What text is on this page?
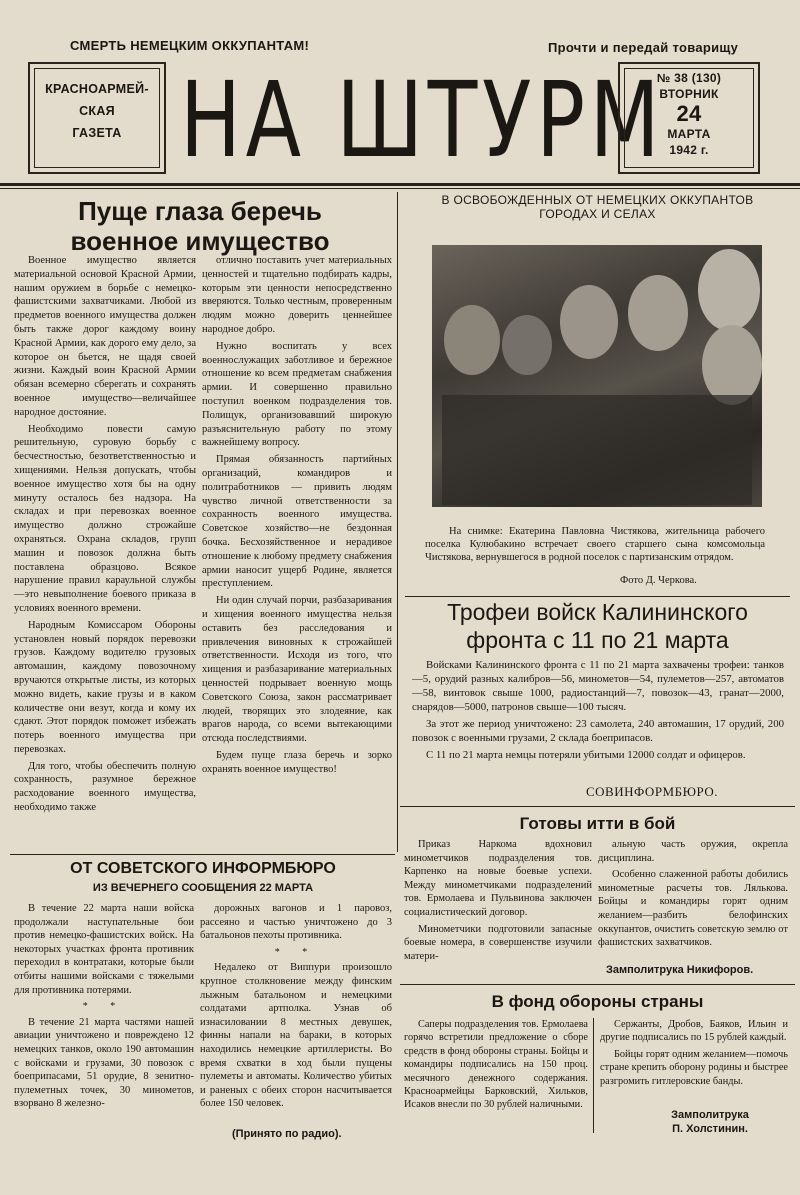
СМЕРТЬ НЕМЕЦКИМ ОККУПАНТАМ!	Прочти и передай товарищу
КРАСНОАРМЕЙ-
СКАЯ
ГАЗЕТА НА ШТУРМ
№ 38 (130)
ВТОРНИК
24
МАРТА
1942 г.
Пуще глаза беречь
военное имущество

Военное имущество является материальной основой Красной Армии, нашим оружием в борьбе с немецко-фашистскими захватчиками. Любой из предметов военного имущества должен быть также дорог каждому воину Красной Армии, как дорого ему дело, за которое он бьется, не щадя своей жизни. Каждый воин Красной Армии обязан всемерно сберегать и сохранять военное имущество—величайшее народное достояние.

Необходимо повести самую решительную, суровую борьбу с бесчестностью, безответственностью и хищениями. Нельзя допускать, чтобы военное имущество хотя бы на одну минуту осталось без надзора. На складах и при перевозках военное имущество должно строжайше охраняться. Охрана складов, групп машин и повозок должна быть поставлена образцово. Всякое нарушение правил караульной службы—это невыполнение боевого приказа в условиях военного времени.

Народным Комиссаром Обороны установлен новый порядок перевозки грузов. Каждому водителю грузовых автомашин, каждому повозочному вручаются открытые листы, из которых можно видеть, какие грузы и в каком количестве они везут, когда и кому их сдают. Этот порядок поможет избежать потерь военного имущества при перевозках.

Для того, чтобы обеспечить полную сохранность, разумное бережное расходование военного имущества, необходимо также

отлично поставить учет материальных ценностей и тщательно подбирать кадры, которым эти ценности непосредственно вверяются. Только честным, проверенным людям можно доверить ценнейшее народное добро.

Нужно воспитать у всех военнослужащих заботливое и бережное отношение ко всем предметам снабжения армии. И совершенно правильно поступил военком подразделения тов. Полищук, организовавший широкую разъяснительную работу по этому важнейшему вопросу.

Прямая обязанность партийных организаций, командиров и политработников — привить людям чувство личной ответственности за сохранность военного имущества. Советское хозяйство—не бездонная бочка. Бесхозяйственное и нерадивое отношение к любому предмету снабжения армии наносит ущерб Родине, является преступлением.

Ни один случай порчи, разбазаривания и хищения военного имущества нельзя оставить без расследования и привлечения виновных к строжайшей ответственности. Исходя из того, что хищения и разбазаривание материальных ценностей подрывает военную мощь Советского Союза, закон рассматривает людей, творящих это злодеяние, как врагов народа, со всеми вытекающими отсюда последствиями.

Будем пуще глаза беречь и зорко охранять военное имущество!

В ОСВОБОЖДЕННЫХ ОТ НЕМЕЦКИХ ОККУПАНТОВ
ГОРОДАХ И СЕЛАХ
На снимке: Екатерина Павловна Чистякова, жительница рабочего поселка Кулюбакино встречает своего старшего сына комсомольца Чистякова, вернувшегося в родной поселок с партизанским отрядом.
Фото Д. Черкова.
Трофеи войск Калининского
фронта с 11 по 21 марта

Войсками Калининского фронта с 11 по 21 марта захвачены трофеи: танков—5, орудий разных калибров—56, минометов—54, пулеметов—257, автоматов—58, винтовок свыше 1000, радиостанций—7, повозок—43, гранат—2000, снарядов—5000, патронов свыше—100 тысяч.

За этот же период уничтожено: 23 самолета, 240 автомашин, 17 орудий, 200 повозок с военными грузами, 2 склада боеприпасов.

С 11 по 21 марта немцы потеряли убитыми 12000 солдат и офицеров.

СОВИНФОРМБЮРО.
ОТ СОВЕТСКОГО ИНФОРМБЮРО
ИЗ ВЕЧЕРНЕГО СООБЩЕНИЯ 22 МАРТА

В течение 22 марта наши войска продолжали наступательные бои против немецко-фашистских войск. На некоторых участках фронта противник переходил в контратаки, которые были отбиты нашими войсками с тяжелыми для противника потерями.

* *

В течение 21 марта частями нашей авиации уничтожено и повреждено 12 немецких танков, около 190 автомашин с войсками и грузами, 30 повозок с боеприпасами, 51 орудие, 8 зенитно-пулеметных точек, 30 минометов, взорвано 8 железно-

дорожных вагонов и 1 паровоз, рассеяно и частью уничтожено до 3 батальонов пехоты противника.

* *

Недалеко от Виппури произошло крупное столкновение между финским лыжным батальоном и немецкими солдатами артполка. Узнав об изнасиловании 8 местных девушек, финны напали на бараки, в которых находились немецкие артиллеристы. Во время схватки в ход были пущены пулеметы и автоматы. Количество убитых и раненых с обеих сторон насчитывается более 150 человек.

(Принято по радио).
Готовы итти в бой

Приказ Наркома вдохновил минометчиков подразделения тов. Карпенко на новые боевые успехи. Между минометчиками подразделений тов. Ермолаева и Пульвинова заключен социалистический договор.

Минометчики подготовили запасные боевые номера, в совершенстве изучили матери-

альную часть оружия, окрепла дисциплина.

Особенно слаженной работы добились минометные расчеты тов. Лялькова. Бойцы и командиры горят одним желанием—разбить белофинских оккупантов, очистить советскую землю от фашистских захватчиков.

Замполитрука Никифоров.
В фонд обороны страны

Саперы подразделения тов. Ермолаева горячо встретили предложение о сборе средств в фонд обороны страны. Бойцы и командиры подписались на 150 проц. месячного денежного содержания. Красноармейцы Барковский, Хильков, Исаков внесли по 30 рублей наличными.

Сержанты, Дробов, Баяков, Ильин и другие подписались по 15 рублей каждый.

Бойцы горят одним желанием—помочь стране крепить оборону родины и быстрее разгромить гитлеровские банды.

Замполитрука
П. Холстинин.
